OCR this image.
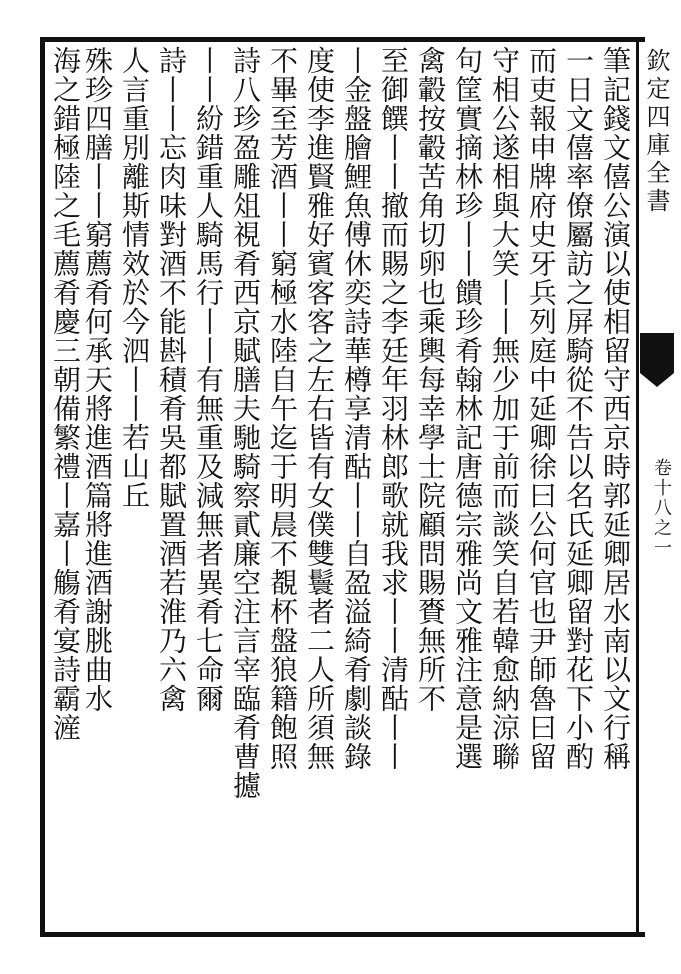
欽定四庫全書
卷十八之一
筆記錢文僖公演以使相留守西京時郭延卿居水南以文行稱
一日文僖率僚屬訪之屏騎從不告以名氏延卿留對花下小酌
而吏報申牌府史牙兵列庭中延卿徐曰公何官也尹師魯曰留
守相公遂相與大笑丨丨無少加于前而談笑自若韓愈納涼聯
句筐實摘林珍丨丨饋珍肴翰林記唐德宗雅尚文雅注意是選
禽轂按轂苦角切卵也乘輿每幸學士院顧問賜賚無所不
至御饌丨丨撤而賜之李廷年羽林郎歌就我求丨丨清酤丨丨
丨金盤膾鯉魚傅休奕詩華樽享清酤丨丨自盈溢綺肴劇談錄
度使李進賢雅好賓客客之左右皆有女僕雙鬟者二人所須無
不畢至芳酒丨丨窮極水陸自午迄于明晨不覩杯盤狼籍飽照
詩八珍盈雕俎視肴西京賦膳夫馳騎察貳廉空注言宰臨肴曹攄
丨丨紛錯重人騎馬行丨丨有無重及減無者異肴七命爾
詩丨丨忘肉味對酒不能斟積肴吳都賦置酒若淮乃六禽
人言重別離斯情效於今泗丨丨若山丘
殊珍四膳丨丨窮薦肴何承天將進酒篇將進酒謝朓曲水
海之錯極陸之毛薦肴慶三朝備繁禮丨嘉丨觴肴宴詩霸滻
